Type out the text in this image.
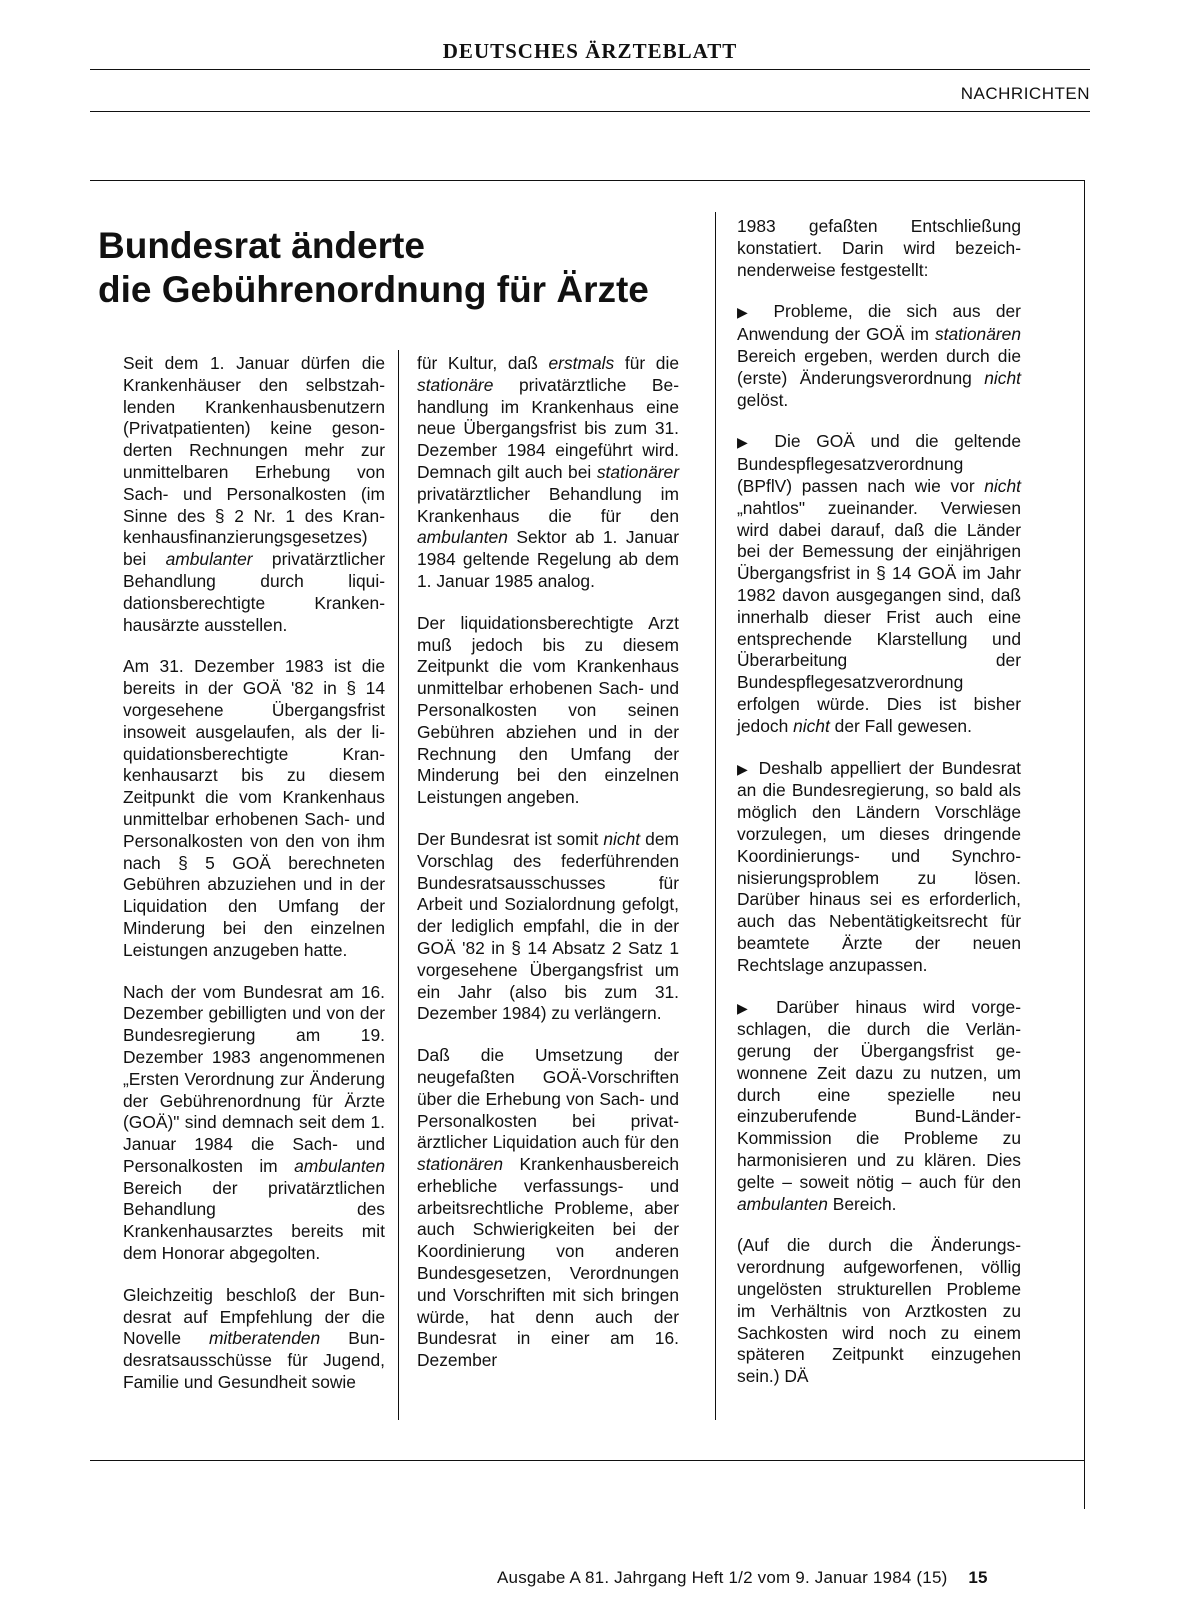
DEUTSCHES ÄRZTEBLATT
NACHRICHTEN
Bundesrat änderte
die Gebührenordnung für Ärzte

Seit dem 1. Januar dürfen die Krankenhäuser den selbstzahlenden Krankenhausbenutzern (Privatpatienten) keine gesonderten Rechnungen mehr zur unmittelbaren Erhebung von Sach- und Personalkosten (im Sinne des § 2 Nr. 1 des Krankenhausfinanzierungsgesetzes) bei ambulanter privatärztlicher Behandlung durch liquidationsberechtigte Krankenhausärzte ausstellen.

Am 31. Dezember 1983 ist die bereits in der GOÄ '82 in § 14 vorgesehene Übergangsfrist insoweit ausgelaufen, als der liquidationsberechtigte Krankenhausarzt bis zu diesem Zeitpunkt die vom Krankenhaus unmittelbar erhobenen Sach- und Personalkosten von den von ihm nach § 5 GOÄ berechneten Gebühren abzuziehen und in der Liquidation den Umfang der Minderung bei den einzelnen Leistungen anzugeben hatte.

Nach der vom Bundesrat am 16. Dezember gebilligten und von der Bundesregierung am 19. Dezember 1983 angenommenen „Ersten Verordnung zur Änderung der Gebührenordnung für Ärzte (GOÄ)" sind demnach seit dem 1. Januar 1984 die Sach- und Personalkosten im ambulanten Bereich der privatärztlichen Behandlung des Krankenhausarztes bereits mit dem Honorar abgegolten.

Gleichzeitig beschloß der Bundesrat auf Empfehlung der die Novelle mitberatenden Bundesratsausschüsse für Jugend, Familie und Gesundheit sowie

für Kultur, daß erstmals für die stationäre privatärztliche Behandlung im Krankenhaus eine neue Übergangsfrist bis zum 31. Dezember 1984 eingeführt wird. Demnach gilt auch bei stationärer privatärztlicher Behandlung im Krankenhaus die für den ambulanten Sektor ab 1. Januar 1984 geltende Regelung ab dem 1. Januar 1985 analog.

Der liquidationsberechtigte Arzt muß jedoch bis zu diesem Zeitpunkt die vom Krankenhaus unmittelbar erhobenen Sach- und Personalkosten von seinen Gebühren abziehen und in der Rechnung den Umfang der Minderung bei den einzelnen Leistungen angeben.

Der Bundesrat ist somit nicht dem Vorschlag des federführenden Bundesratsausschusses für Arbeit und Sozialordnung gefolgt, der lediglich empfahl, die in der GOÄ '82 in § 14 Absatz 2 Satz 1 vorgesehene Übergangsfrist um ein Jahr (also bis zum 31. Dezember 1984) zu verlängern.

Daß die Umsetzung der neugefaßten GOÄ-Vorschriften über die Erhebung von Sach- und Personalkosten bei privatärztlicher Liquidation auch für den stationären Krankenhausbereich erhebliche verfassungs- und arbeitsrechtliche Probleme, aber auch Schwierigkeiten bei der Koordinierung von anderen Bundesgesetzen, Verordnungen und Vorschriften mit sich bringen würde, hat denn auch der Bundesrat in einer am 16. Dezember

1983 gefaßten Entschließung konstatiert. Darin wird bezeichnenderweise festgestellt:

▶ Probleme, die sich aus der Anwendung der GOÄ im stationären Bereich ergeben, werden durch die (erste) Änderungsverordnung nicht gelöst.

▶ Die GOÄ und die geltende Bundespflegesatzverordnung (BPflV) passen nach wie vor nicht „nahtlos" zueinander. Verwiesen wird dabei darauf, daß die Länder bei der Bemessung der einjährigen Übergangsfrist in § 14 GOÄ im Jahr 1982 davon ausgegangen sind, daß innerhalb dieser Frist auch eine entsprechende Klarstellung und Überarbeitung der Bundespflegesatzverordnung erfolgen würde. Dies ist bisher jedoch nicht der Fall gewesen.

▶ Deshalb appelliert der Bundesrat an die Bundesregierung, so bald als möglich den Ländern Vorschläge vorzulegen, um dieses dringende Koordinierungs- und Synchronisierungsproblem zu lösen. Darüber hinaus sei es erforderlich, auch das Nebentätigkeitsrecht für beamtete Ärzte der neuen Rechtslage anzupassen.

▶ Darüber hinaus wird vorgeschlagen, die durch die Verlängerung der Übergangsfrist gewonnene Zeit dazu zu nutzen, um durch eine spezielle neu einzuberufende Bund-Länder-Kommission die Probleme zu harmonisieren und zu klären. Dies gelte – soweit nötig – auch für den ambulanten Bereich.

(Auf die durch die Änderungsverordnung aufgeworfenen, völlig ungelösten strukturellen Probleme im Verhältnis von Arztkosten zu Sachkosten wird noch zu einem späteren Zeitpunkt einzugehen sein.) DÄ

Ausgabe A 81. Jahrgang Heft 1/2 vom 9. Januar 1984 (15) 15
